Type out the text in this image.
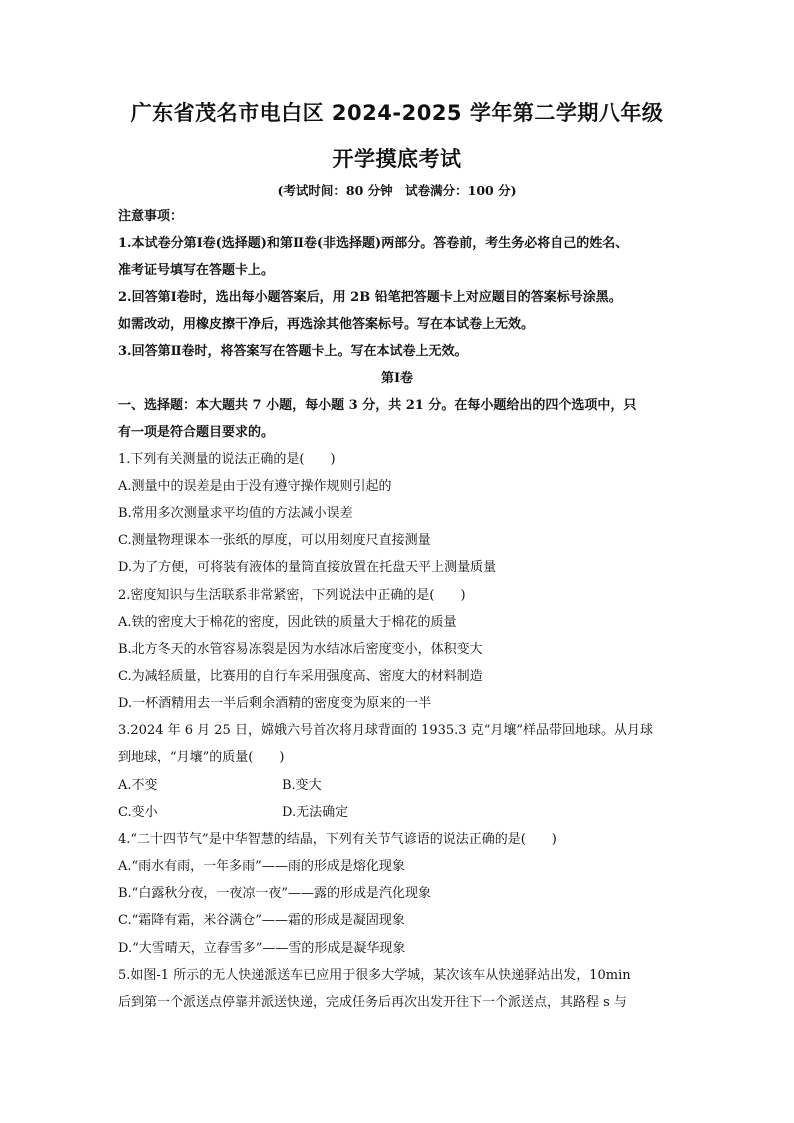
广东省茂名市电白区 2024-2025 学年第二学期八年级
开学摸底考试
(考试时间：80 分钟　试卷满分：100 分)
注意事项：
1.本试卷分第Ⅰ卷(选择题)和第Ⅱ卷(非选择题)两部分。答卷前，考生务必将自己的姓名、
准考证号填写在答题卡上。
2.回答第Ⅰ卷时，选出每小题答案后，用 2B 铅笔把答题卡上对应题目的答案标号涂黑。
如需改动，用橡皮擦干净后，再选涂其他答案标号。写在本试卷上无效。
3.回答第Ⅱ卷时，将答案写在答题卡上。写在本试卷上无效。
第Ⅰ卷
一、选择题：本大题共 7 小题，每小题 3 分，共 21 分。在每小题给出的四个选项中，只
有一项是符合题目要求的。
1.下列有关测量的说法正确的是(　　)
A.测量中的误差是由于没有遵守操作规则引起的
B.常用多次测量求平均值的方法减小误差
C.测量物理课本一张纸的厚度，可以用刻度尺直接测量
D.为了方便，可将装有液体的量筒直接放置在托盘天平上测量质量
2.密度知识与生活联系非常紧密，下列说法中正确的是(　　)
A.铁的密度大于棉花的密度，因此铁的质量大于棉花的质量
B.北方冬天的水管容易冻裂是因为水结冰后密度变小，体积变大
C.为减轻质量，比赛用的自行车采用强度高、密度大的材料制造
D.一杯酒精用去一半后剩余酒精的密度变为原来的一半
3.2024 年 6 月 25 日，嫦娥六号首次将月球背面的 1935.3 克“月壤”样品带回地球。从月球
到地球，“月壤”的质量(　　)
A.不变	B.变大
C.变小	D.无法确定
4.“二十四节气”是中华智慧的结晶，下列有关节气谚语的说法正确的是(　　)
A.“雨水有雨，一年多雨”——雨的形成是熔化现象
B.“白露秋分夜，一夜凉一夜”——露的形成是汽化现象
C.“霜降有霜，米谷满仓”——霜的形成是凝固现象
D.“大雪晴天，立春雪多”——雪的形成是凝华现象
5.如图-1 所示的无人快递派送车已应用于很多大学城，某次该车从快递驿站出发，10min
后到第一个派送点停靠并派送快递，完成任务后再次出发开往下一个派送点，其路程 s 与
